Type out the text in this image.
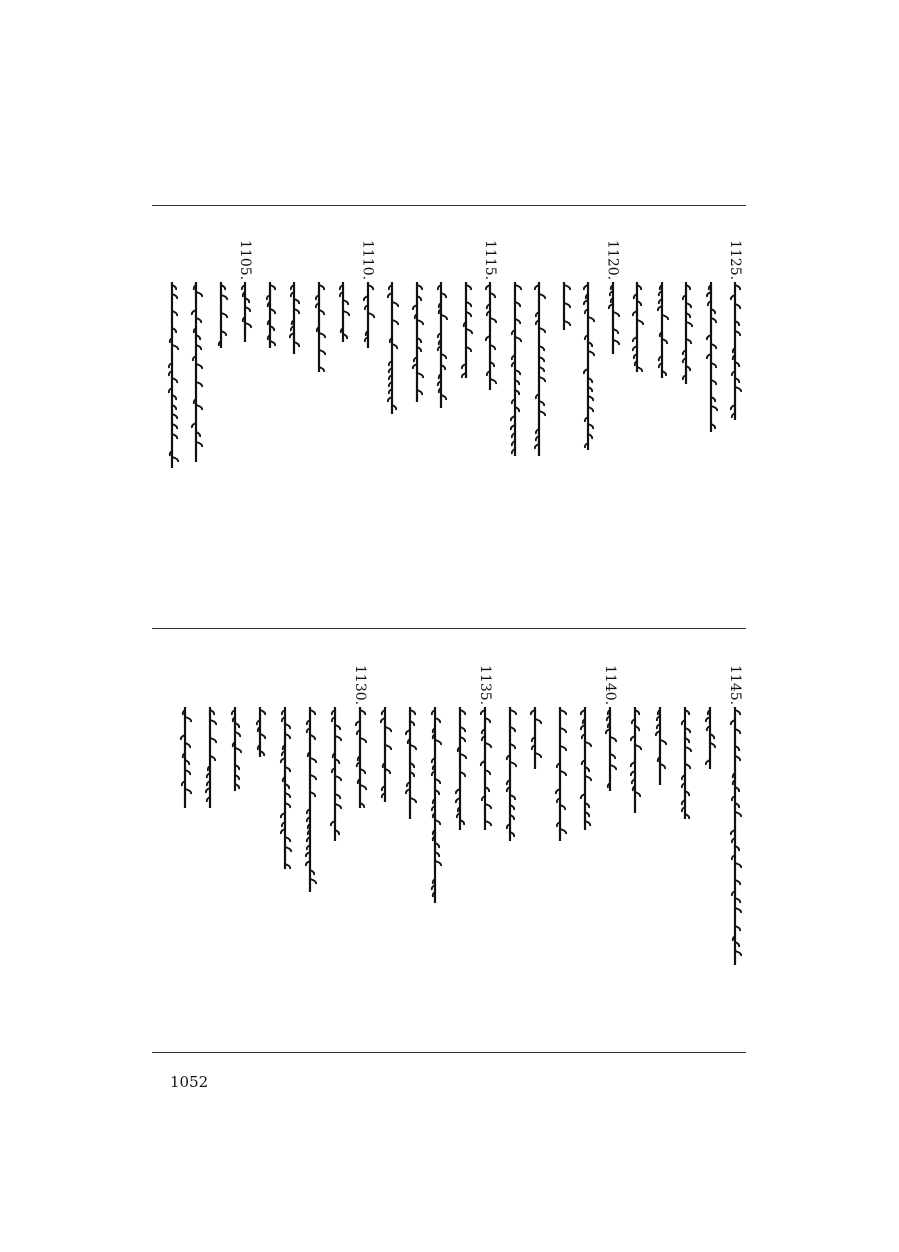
1125.
1120.
1115.
1110.
1105.
1145.
1140.
1135.
1130.
1052
